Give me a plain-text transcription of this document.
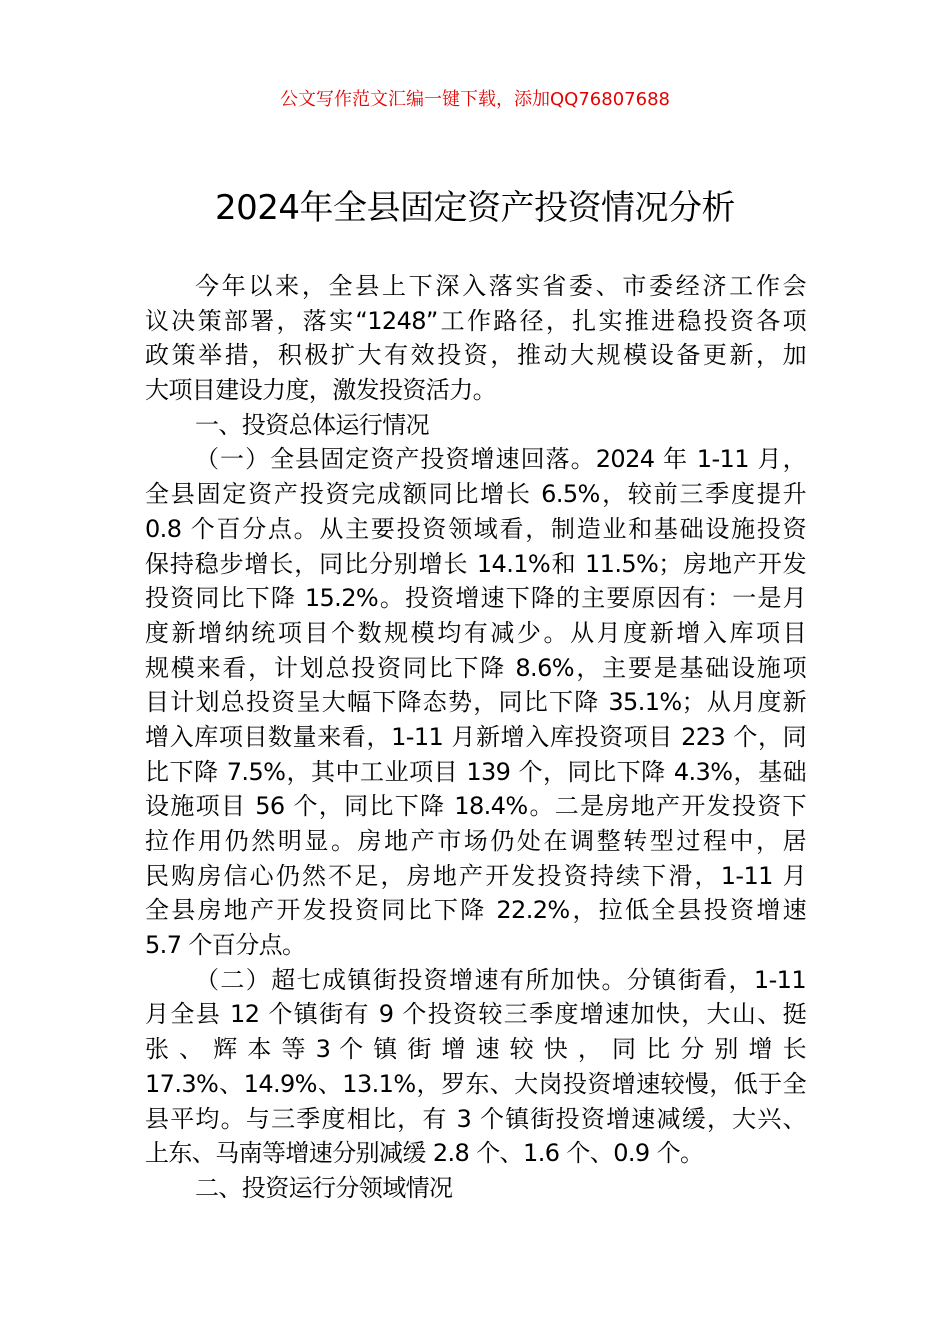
公文写作范文汇编一键下载，添加QQ76807688
2024年全县固定资产投资情况分析
今年以来，全县上下深入落实省委、市委经济工作会
议决策部署，落实“1248”工作路径，扎实推进稳投资各项
政策举措，积极扩大有效投资，推动大规模设备更新，加
大项目建设力度，激发投资活力。
一、投资总体运行情况
（一）全县固定资产投资增速回落。2024 年 1-11 月，
全县固定资产投资完成额同比增长 6.5%，较前三季度提升
0.8 个百分点。从主要投资领域看，制造业和基础设施投资
保持稳步增长，同比分别增长 14.1%和 11.5%；房地产开发
投资同比下降 15.2%。投资增速下降的主要原因有：一是月
度新增纳统项目个数规模均有减少。从月度新增入库项目
规模来看，计划总投资同比下降 8.6%，主要是基础设施项
目计划总投资呈大幅下降态势，同比下降 35.1%；从月度新
增入库项目数量来看，1-11 月新增入库投资项目 223 个，同
比下降 7.5%，其中工业项目 139 个，同比下降 4.3%，基础
设施项目 56 个，同比下降 18.4%。二是房地产开发投资下
拉作用仍然明显。房地产市场仍处在调整转型过程中，居
民购房信心仍然不足，房地产开发投资持续下滑，1-11 月
全县房地产开发投资同比下降 22.2%，拉低全县投资增速
5.7 个百分点。
（二）超七成镇街投资增速有所加快。分镇街看，1-11
月全县 12 个镇街有 9 个投资较三季度增速加快，大山、挺
张 、 辉 本 等 3 个 镇 街 增 速 较 快 ， 同 比 分 别 增 长
17.3%、14.9%、13.1%，罗东、大岗投资增速较慢，低于全
县平均。与三季度相比，有 3 个镇街投资增速减缓，大兴、
上东、马南等增速分别减缓 2.8 个、1.6 个、0.9 个。
二、投资运行分领域情况
